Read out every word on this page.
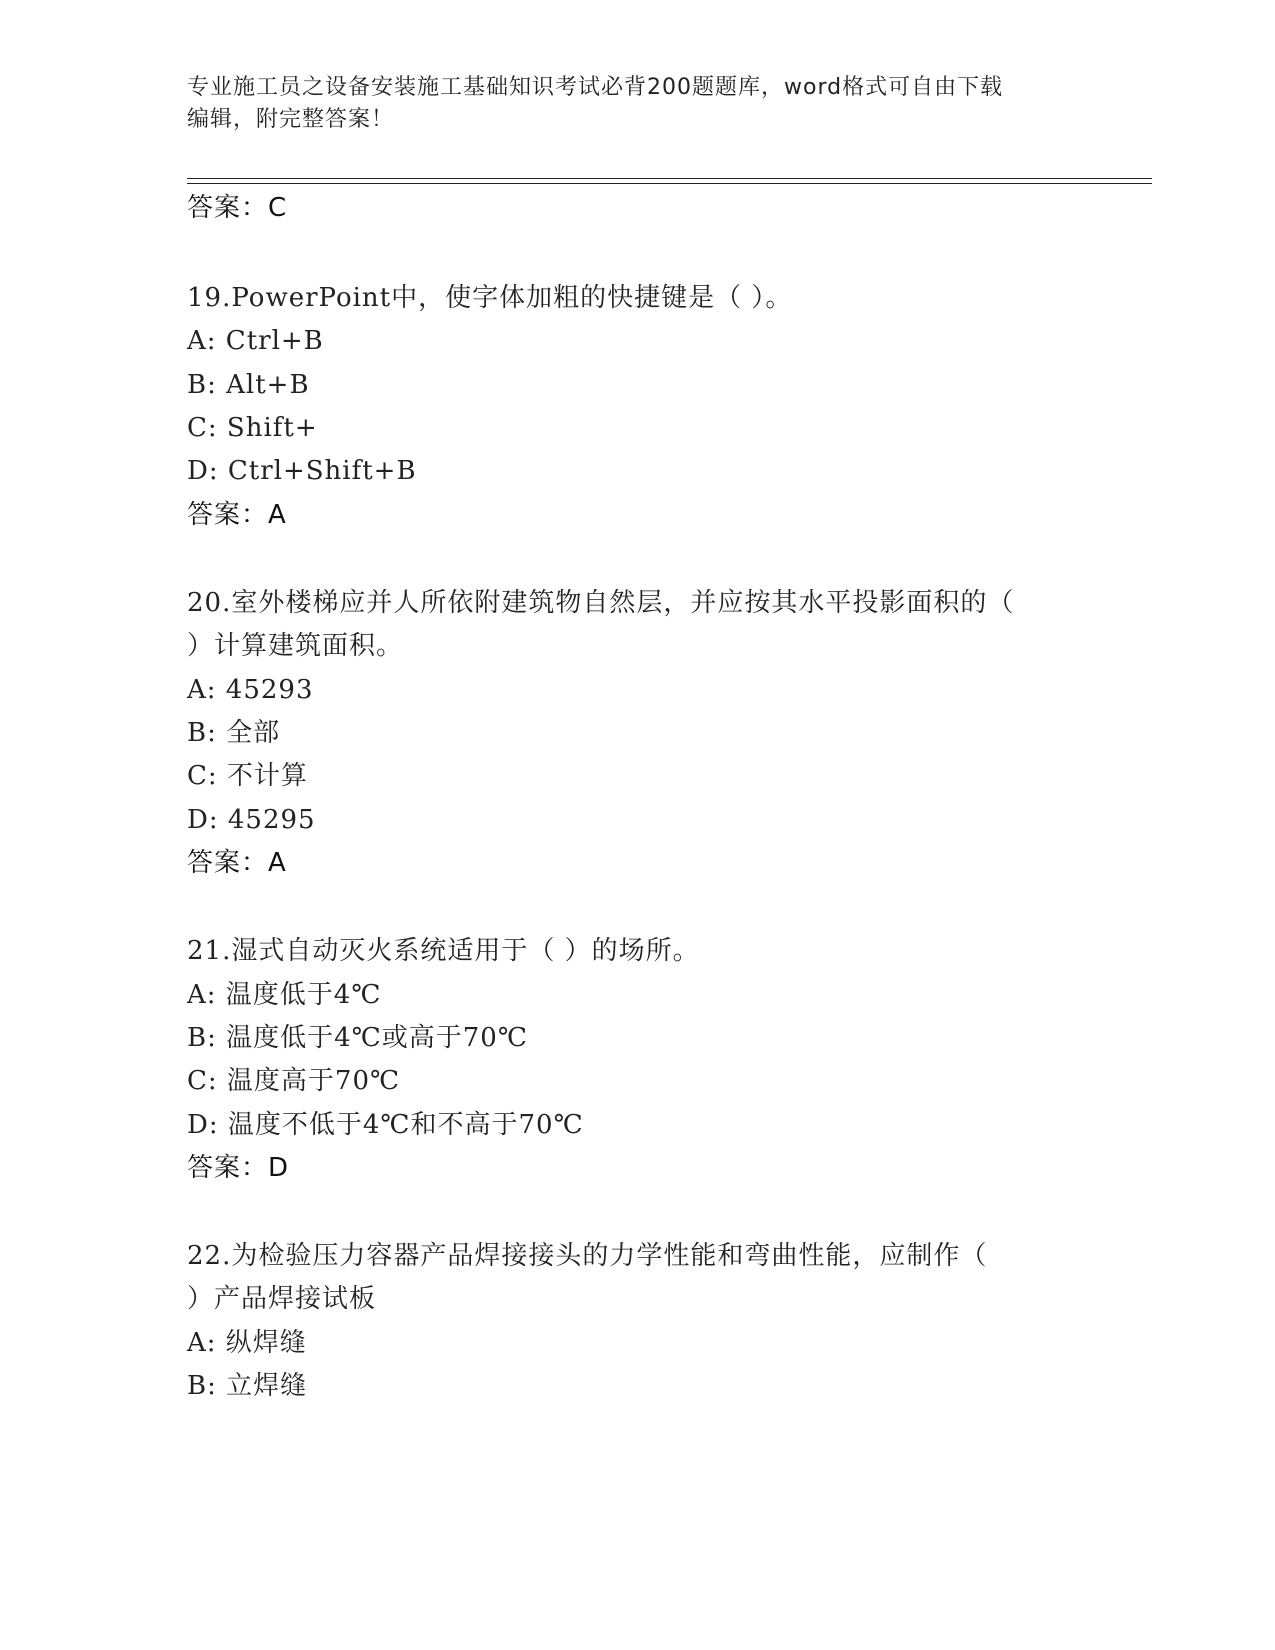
专业施工员之设备安装施工基础知识考试必背200题题库，word格式可自由下载
编辑，附完整答案！
答案：C
19.PowerPoint中，使字体加粗的快捷键是（ ）。
A: Ctrl+B
B: Alt+B
C: Shift+
D: Ctrl+Shift+B
答案：A
20.室外楼梯应并人所依附建筑物自然层，并应按其水平投影面积的（
）计算建筑面积。
A: 45293
B: 全部
C: 不计算
D: 45295
答案：A
21.湿式自动灭火系统适用于（ ）的场所。
A: 温度低于4℃
B: 温度低于4℃或高于70℃
C: 温度高于70℃
D: 温度不低于4℃和不高于70℃
答案：D
22.为检验压力容器产品焊接接头的力学性能和弯曲性能，应制作（
）产品焊接试板
A: 纵焊缝
B: 立焊缝
